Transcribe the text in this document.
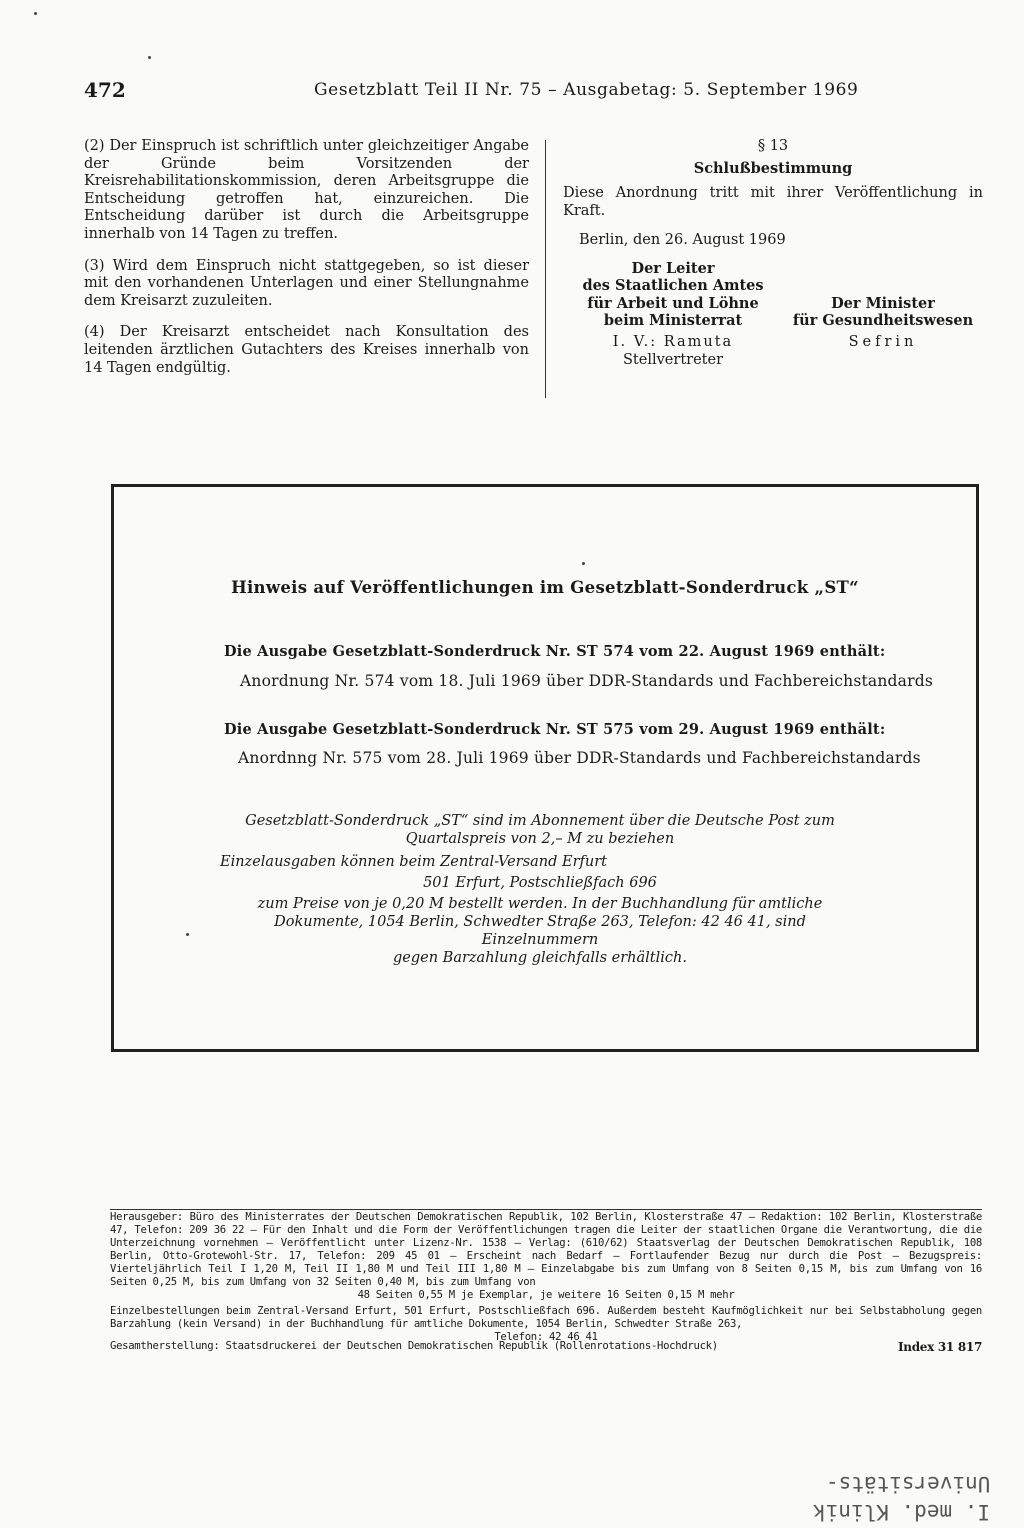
472	Gesetzblatt Teil II Nr. 75 – Ausgabetag: 5. September 1969

(2) Der Einspruch ist schriftlich unter gleichzeitiger Angabe der Gründe beim Vorsitzenden der Kreisrehabilitationskommission, deren Arbeitsgruppe die Entscheidung getroffen hat, einzureichen. Die Entscheidung darüber ist durch die Arbeitsgruppe innerhalb von 14 Tagen zu treffen.

(3) Wird dem Einspruch nicht stattgegeben, so ist dieser mit den vorhandenen Unterlagen und einer Stellungnahme dem Kreisarzt zuzuleiten.

(4) Der Kreisarzt entscheidet nach Konsultation des leitenden ärztlichen Gutachters des Kreises innerhalb von 14 Tagen endgültig.

§ 13
Schlußbestimmung
Diese Anordnung tritt mit ihrer Veröffentlichung in Kraft.
Berlin, den 26. August 1969
Der Leiter
des Staatlichen Amtes
für Arbeit und Löhne
beim Ministerrat
Der Minister
für Gesundheitswesen
I. V.: Ramuta	Sefrin
Stellvertreter
Hinweis auf Veröffentlichungen im Gesetzblatt-Sonderdruck „ST“
Die Ausgabe Gesetzblatt-Sonderdruck Nr. ST 574 vom 22. August 1969 enthält:
Anordnung Nr. 574 vom 18. Juli 1969 über DDR-Standards und Fachbereichstandards
Die Ausgabe Gesetzblatt-Sonderdruck Nr. ST 575 vom 29. August 1969 enthält:
Anordnng Nr. 575 vom 28. Juli 1969 über DDR-Standards und Fachbereichstandards
Gesetzblatt-Sonderdruck „ST“ sind im Abonnement über die Deutsche Post zum
Quartalspreis von 2,– M zu beziehen
Einzelausgaben können beim Zentral-Versand Erfurt
501 Erfurt, Postschließfach 696
zum Preise von je 0,20 M bestellt werden. In der Buchhandlung für amtliche
Dokumente, 1054 Berlin, Schwedter Straße 263, Telefon: 42 46 41, sind Einzelnummern
gegen Barzahlung gleichfalls erhältlich.
Herausgeber: Büro des Ministerrates der Deutschen Demokratischen Republik, 102 Berlin, Klosterstraße 47 – Redaktion: 102 Berlin, Klosterstraße 47, Telefon: 209 36 22 – Für den Inhalt und die Form der Veröffentlichungen tragen die Leiter der staatlichen Organe die Verantwortung, die die Unterzeichnung vornehmen – Veröffentlicht unter Lizenz-Nr. 1538 – Verlag: (610/62) Staatsverlag der Deutschen Demokratischen Republik, 108 Berlin, Otto-Grotewohl-Str. 17, Telefon: 209 45 01 – Erscheint nach Bedarf – Fortlaufender Bezug nur durch die Post – Bezugspreis: Vierteljährlich Teil I 1,20 M, Teil II 1,80 M und Teil III 1,80 M – Einzelabgabe bis zum Umfang von 8 Seiten 0,15 M, bis zum Umfang von 16 Seiten 0,25 M, bis zum Umfang von 32 Seiten 0,40 M, bis zum Umfang von
48 Seiten 0,55 M je Exemplar, je weitere 16 Seiten 0,15 M mehr
Einzelbestellungen beim Zentral-Versand Erfurt, 501 Erfurt, Postschließfach 696. Außerdem besteht Kaufmöglichkeit nur bei Selbstabholung gegen Barzahlung (kein Versand) in der Buchhandlung für amtliche Dokumente, 1054 Berlin, Schwedter Straße 263,
Telefon: 42 46 41
Gesamtherstellung: Staatsdruckerei der Deutschen Demokratischen Republik (Rollenrotations-Hochdruck)	Index 31 817
Universitäts-
I. med. Klinik
